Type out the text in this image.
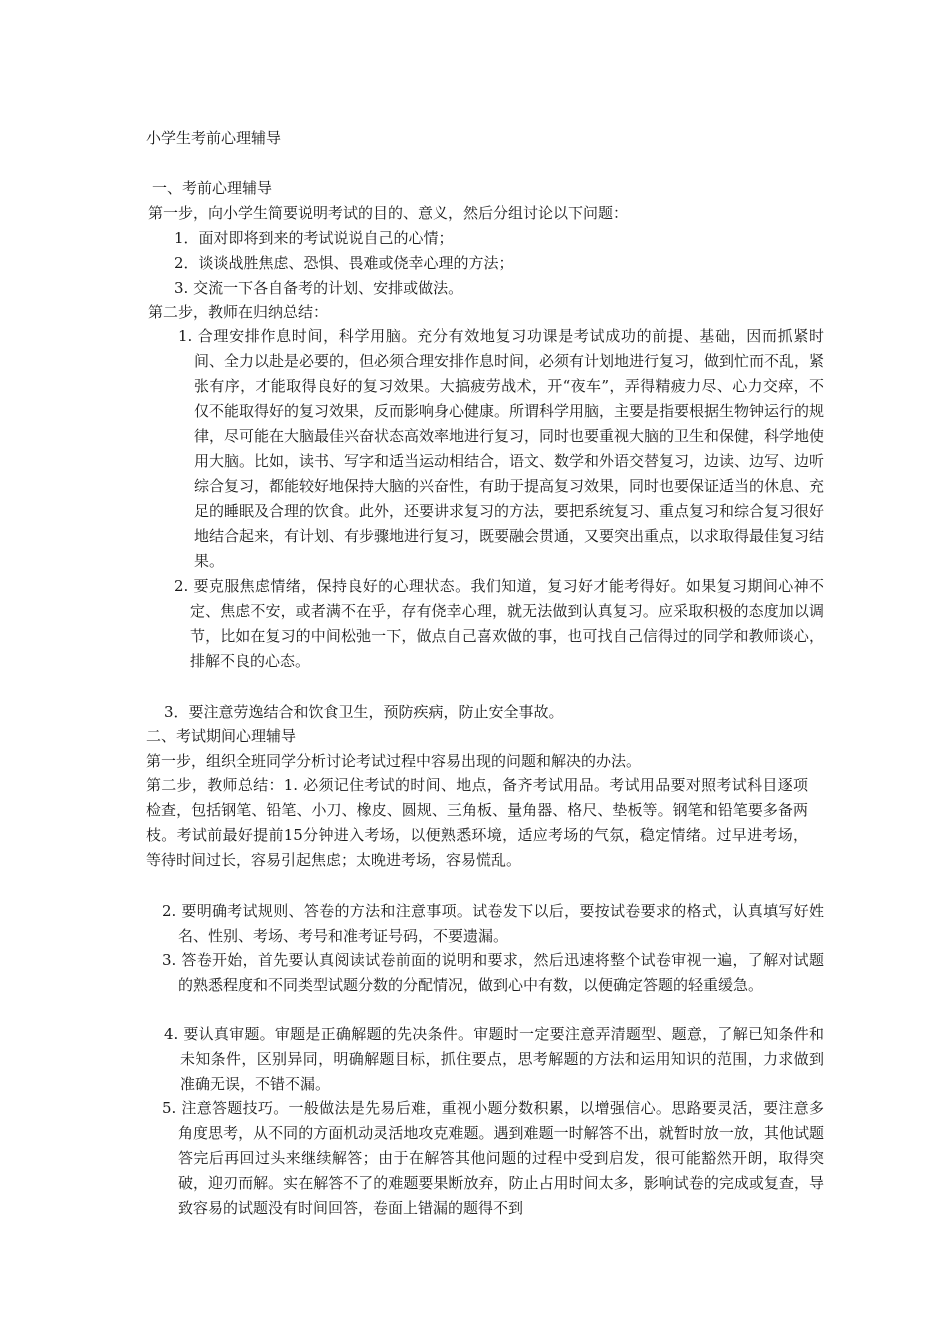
小学生考前心理辅导
一、考前心理辅导
第一步，向小学生简要说明考试的目的、意义，然后分组讨论以下问题：
1．面对即将到来的考试说说自己的心情；
2．谈谈战胜焦虑、恐惧、畏难或侥幸心理的方法；
3. 交流一下各自备考的计划、安排或做法。
第二步，教师在归纳总结：
1. 合理安排作息时间，科学用脑。充分有效地复习功课是考试成功的前提、基础，因而抓紧时间、全力以赴是必要的，但必须合理安排作息时间，必须有计划地进行复习，做到忙而不乱，紧张有序，才能取得良好的复习效果。大搞疲劳战术，开“夜车”，弄得精疲力尽、心力交瘁，不仅不能取得好的复习效果，反而影响身心健康。所谓科学用脑，主要是指要根据生物钟运行的规律，尽可能在大脑最佳兴奋状态高效率地进行复习，同时也要重视大脑的卫生和保健，科学地使用大脑。比如，读书、写字和适当运动相结合，语文、数学和外语交替复习，边读、边写、边听综合复习，都能较好地保持大脑的兴奋性，有助于提高复习效果，同时也要保证适当的休息、充足的睡眠及合理的饮食。此外，还要讲求复习的方法，要把系统复习、重点复习和综合复习很好地结合起来，有计划、有步骤地进行复习，既要融会贯通，又要突出重点，以求取得最佳复习结果。
2. 要克服焦虑情绪，保持良好的心理状态。我们知道，复习好才能考得好。如果复习期间心神不定、焦虑不安，或者满不在乎，存有侥幸心理，就无法做到认真复习。应采取积极的态度加以调节，比如在复习的中间松弛一下，做点自己喜欢做的事，也可找自己信得过的同学和教师谈心，排解不良的心态。
3．要注意劳逸结合和饮食卫生，预防疾病，防止安全事故。
二、考试期间心理辅导
第一步，组织全班同学分析讨论考试过程中容易出现的问题和解决的办法。
第二步，教师总结：1. 必须记住考试的时间、地点，备齐考试用品。考试用品要对照考试科目逐项检查，包括钢笔、铅笔、小刀、橡皮、圆规、三角板、量角器、格尺、垫板等。钢笔和铅笔要多备两枝。考试前最好提前15分钟进入考场，以便熟悉环境，适应考场的气氛，稳定情绪。过早进考场，等待时间过长，容易引起焦虑；太晚进考场，容易慌乱。
2. 要明确考试规则、答卷的方法和注意事项。试卷发下以后，要按试卷要求的格式，认真填写好姓名、性别、考场、考号和准考证号码，不要遗漏。
3. 答卷开始，首先要认真阅读试卷前面的说明和要求，然后迅速将整个试卷审视一遍，了解对试题的熟悉程度和不同类型试题分数的分配情况，做到心中有数，以便确定答题的轻重缓急。
4. 要认真审题。审题是正确解题的先决条件。审题时一定要注意弄清题型、题意，了解已知条件和未知条件，区别异同，明确解题目标，抓住要点，思考解题的方法和运用知识的范围，力求做到准确无误，不错不漏。
5. 注意答题技巧。一般做法是先易后难，重视小题分数积累，以增强信心。思路要灵活，要注意多角度思考，从不同的方面机动灵活地攻克难题。遇到难题一时解答不出，就暂时放一放，其他试题答完后再回过头来继续解答；由于在解答其他问题的过程中受到启发，很可能豁然开朗，取得突破，迎刃而解。实在解答不了的难题要果断放弃，防止占用时间太多，影响试卷的完成或复查，导致容易的试题没有时间回答，卷面上错漏的题得不到
